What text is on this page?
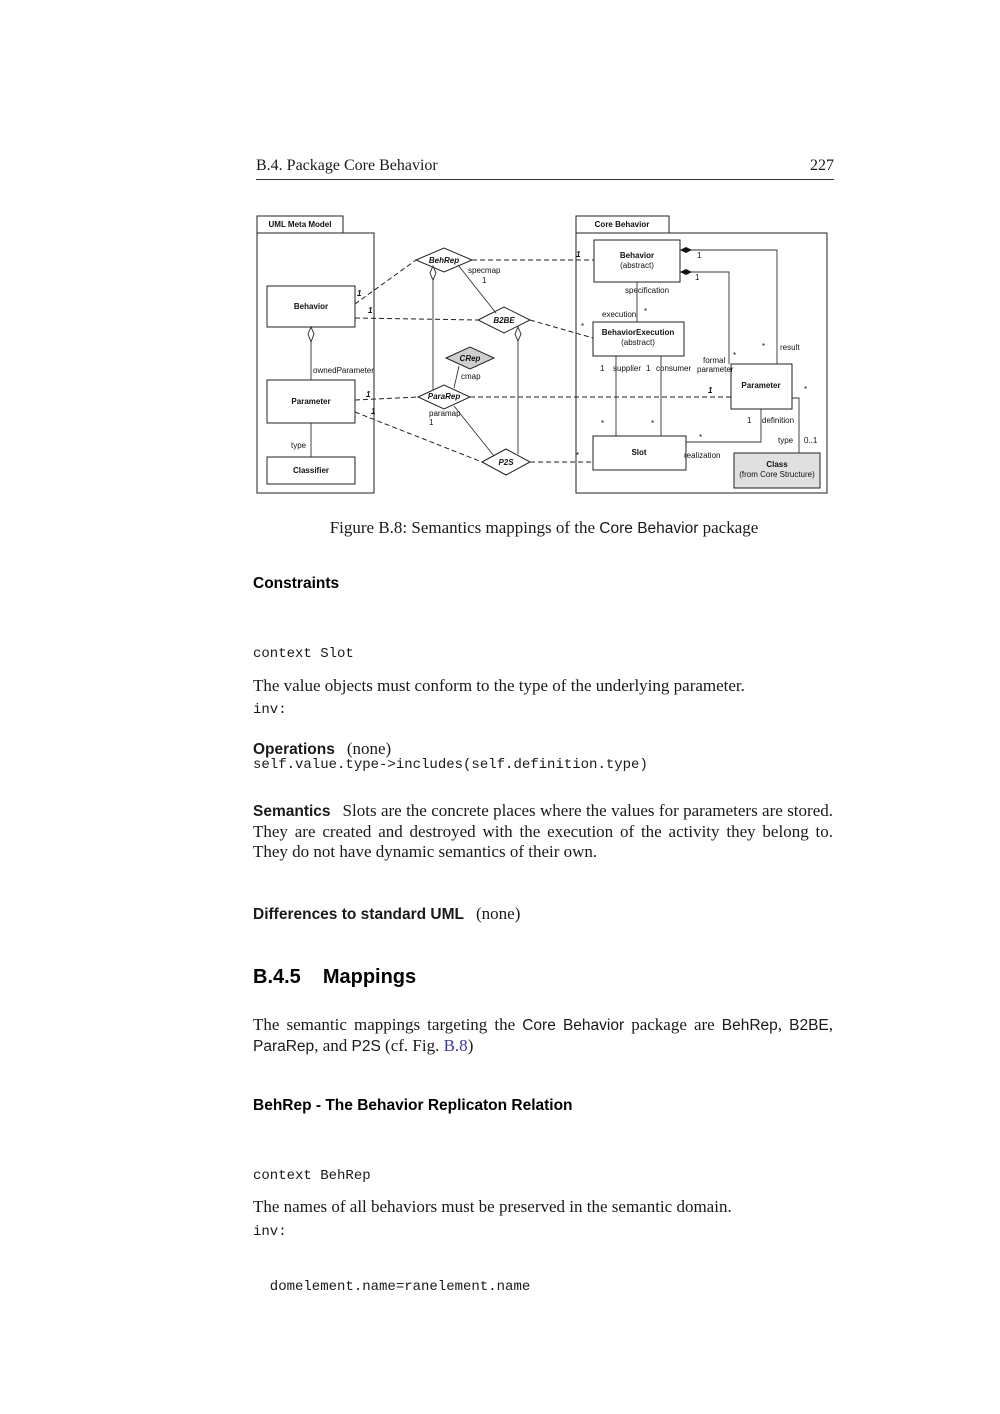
B.4. Package Core Behavior	227
UML Meta Model	Core Behavior
Behavior
Parameter
Classifier
ownedParameter
type
Behavior
(abstract)
BehaviorExecution
(abstract)
Parameter
Slot
Class
(from Core Structure)
specification
execution *
1 supplier 1 consumer
*	*
1
formal
parameter
*
1
* result
1 definition
*
realization
*
type 0..1
BehRep
B2BE
CRep
ParaRep
P2S
1
1
1
*
1
1
1
*
specmap
1
cmap
paramap
1
Figure B.8: Semantics mappings of the Core Behavior package
Constraints

context Slot

inv:

self.value.type->includes(self.definition.type)

The value objects must conform to the type of the underlying parameter.
Operations (none)
Semantics Slots are the concrete places where the values for parameters are stored. They are created and destroyed with the execution of the activity they belong to. They do not have dynamic semantics of their own.
Differences to standard UML (none)
B.4.5 Mappings
The semantic mappings targeting the Core Behavior package are BehRep, B2BE, ParaRep, and P2S (cf. Fig. B.8)
BehRep - The Behavior Replicaton Relation

context BehRep

inv:

domelement.name=ranelement.name

The names of all behaviors must be preserved in the semantic domain.
